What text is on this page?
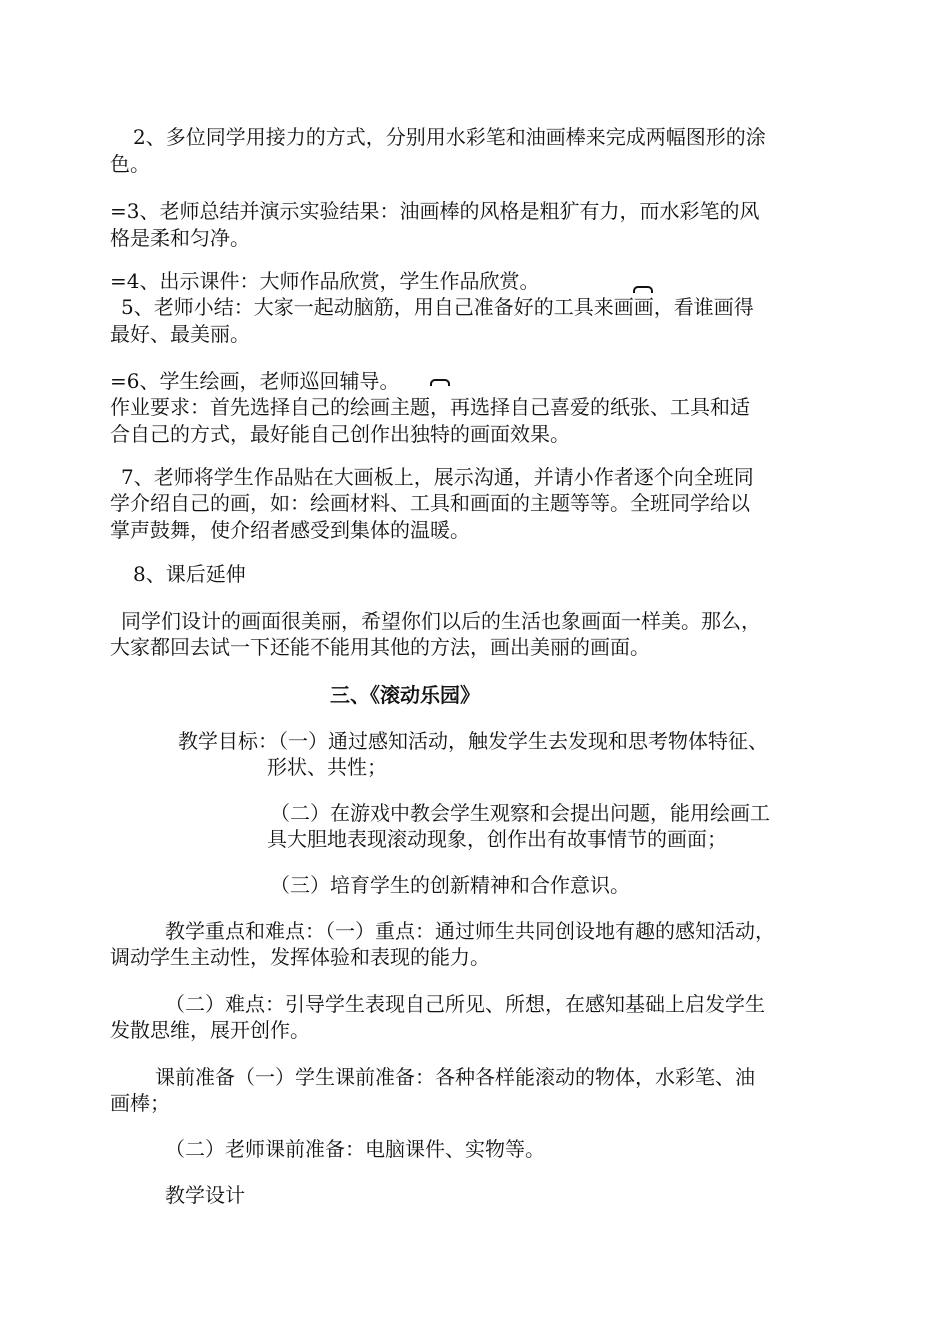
2、多位同学用接力的方式，分别用水彩笔和油画棒来完成两幅图形的涂
色。
=3、老师总结并演示实验结果：油画棒的风格是粗犷有力，而水彩笔的风
格是柔和匀净。
=4、出示课件：大师作品欣赏，学生作品欣赏。
5、老师小结：大家一起动脑筋，用自己准备好的工具来画画，看谁画得
最好、最美丽。
=6、学生绘画，老师巡回辅导。
作业要求：首先选择自己的绘画主题，再选择自己喜爱的纸张、工具和适
合自己的方式，最好能自己创作出独特的画面效果。
7、老师将学生作品贴在大画板上，展示沟通，并请小作者逐个向全班同
学介绍自己的画，如：绘画材料、工具和画面的主题等等。全班同学给以
掌声鼓舞，使介绍者感受到集体的温暖。
8、课后延伸
同学们设计的画面很美丽，希望你们以后的生活也象画面一样美。那么，
大家都回去试一下还能不能用其他的方法，画出美丽的画面。
三、《滚动乐园》
教学目标：（一）通过感知活动，触发学生去发现和思考物体特征、
形状、共性；
（二）在游戏中教会学生观察和会提出问题，能用绘画工
具大胆地表现滚动现象，创作出有故事情节的画面；
（三）培育学生的创新精神和合作意识。
教学重点和难点：（一）重点：通过师生共同创设地有趣的感知活动，
调动学生主动性，发挥体验和表现的能力。
（二）难点：引导学生表现自己所见、所想，在感知基础上启发学生
发散思维，展开创作。
课前准备（一）学生课前准备：各种各样能滚动的物体，水彩笔、油
画棒；
（二）老师课前准备：电脑课件、实物等。
教学设计
